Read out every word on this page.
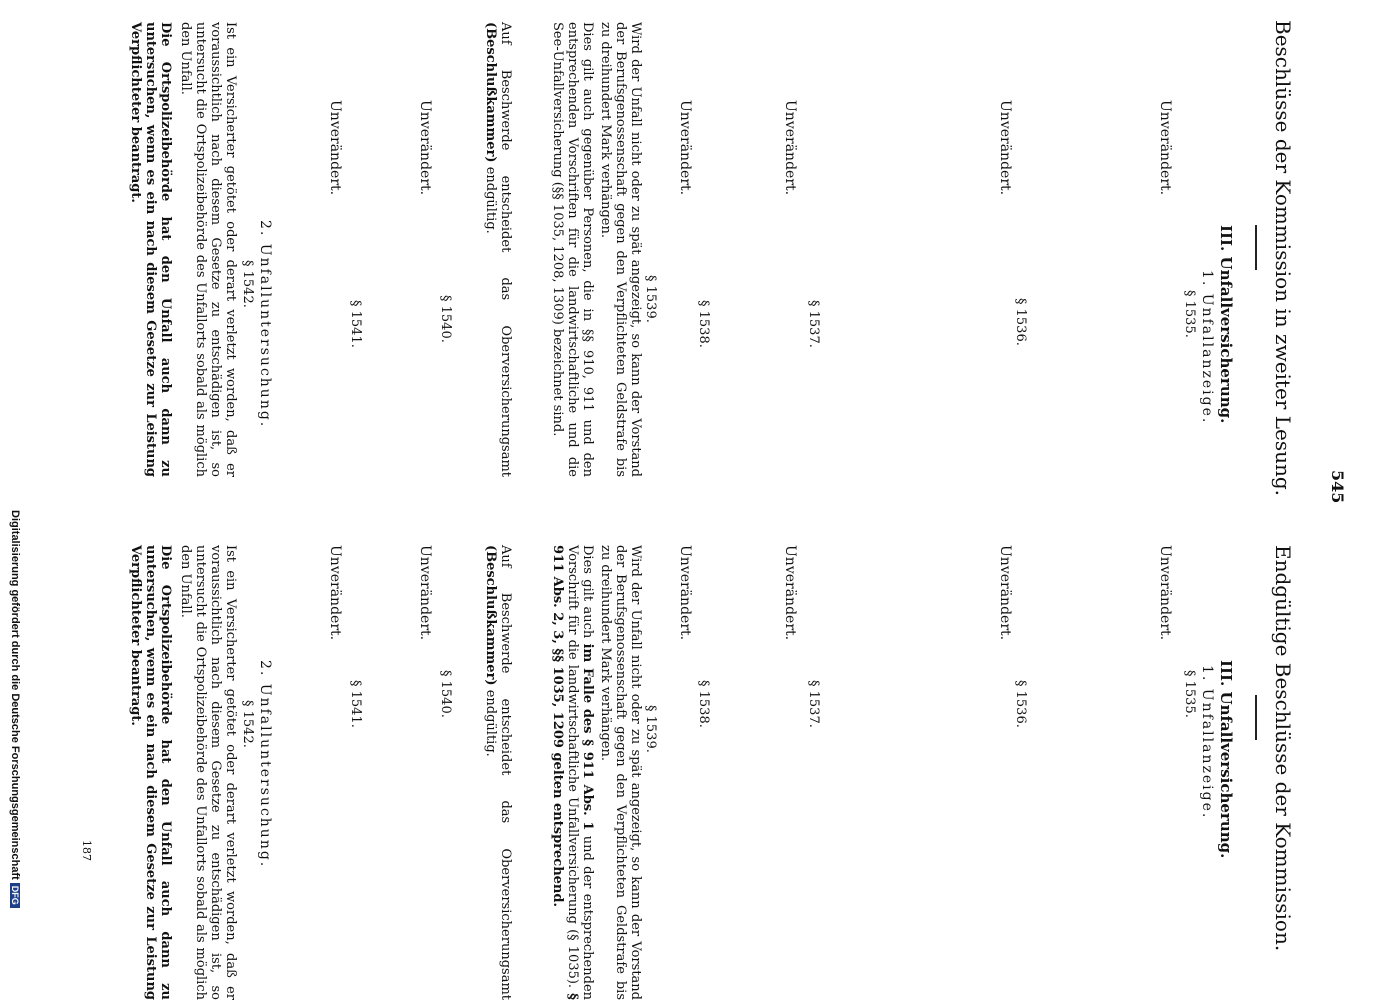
545
Beschlüsse der Kommission in zweiter Lesung.
III. Unfallversicherung.
1. Unfallanzeige.
§ 1535.
Unverändert.
§ 1536.
Unverändert.
§ 1537.
Unverändert.
§ 1538.
Unverändert.
§ 1539.
Wird der Unfall nicht oder zu spät angezeigt, so kann der Vorstand der Berufsgenossenschaft gegen den Verpflichteten Geldstrafe bis zu dreihundert Mark verhängen.
Dies gilt auch gegenüber Personen, die in §§ 910, 911 und den entsprechenden Vorschriften für die landwirtschaftliche und die See-Unfallversicherung (§§ 1035, 1208, 1309) bezeichnet sind.
Auf Beschwerde entscheidet das Oberversicherungsamt (Beschlußkammer) endgültig.
§ 1540.
Unverändert.
§ 1541.
Unverändert.
2. Unfalluntersuchung.
§ 1542.
Ist ein Versicherter getötet oder derart verletzt worden, daß er voraussichtlich nach diesem Gesetze zu entschädigen ist, so untersucht die Ortspolizeibehörde des Unfallorts sobald als möglich den Unfall.
Die Ortspolizeibehörde hat den Unfall auch dann zu untersuchen, wenn es ein nach diesem Gesetze zur Leistung Verpflichteter beantragt.
Endgültige Beschlüsse der Kommission.
III. Unfallversicherung.
1. Unfallanzeige.
§ 1535.
Unverändert.
§ 1536.
Unverändert.
§ 1537.
Unverändert.
§ 1538.
Unverändert.
§ 1539.
Wird der Unfall nicht oder zu spät angezeigt, so kann der Vorstand der Berufsgenossenschaft gegen den Verpflichteten Geldstrafe bis zu dreihundert Mark verhängen.
Dies gilt auch im Falle des § 911 Abs. 1 und der entsprechenden Vorschrift für die landwirtschaftliche Unfallversicherung (§ 1035). § 911 Abs. 2, 3, §§ 1035, 1209 gelten entsprechend.
Auf Beschwerde entscheidet das Oberversicherungsamt (Beschlußkammer) endgültig.
§ 1540.
Unverändert.
§ 1541.
Unverändert.
2. Unfalluntersuchung.
§ 1542.
Ist ein Versicherter getötet oder derart verletzt worden, daß er voraussichtlich nach diesem Gesetze zu entschädigen ist, so untersucht die Ortspolizeibehörde des Unfallorts sobald als möglich den Unfall.
Die Ortspolizeibehörde hat den Unfall auch dann zu untersuchen, wenn es ein nach diesem Gesetze zur Leistung Verpflichteter beantragt.
187
Digitalisierung gefördert durch die Deutsche ForschungsgemeinschaftDFG
